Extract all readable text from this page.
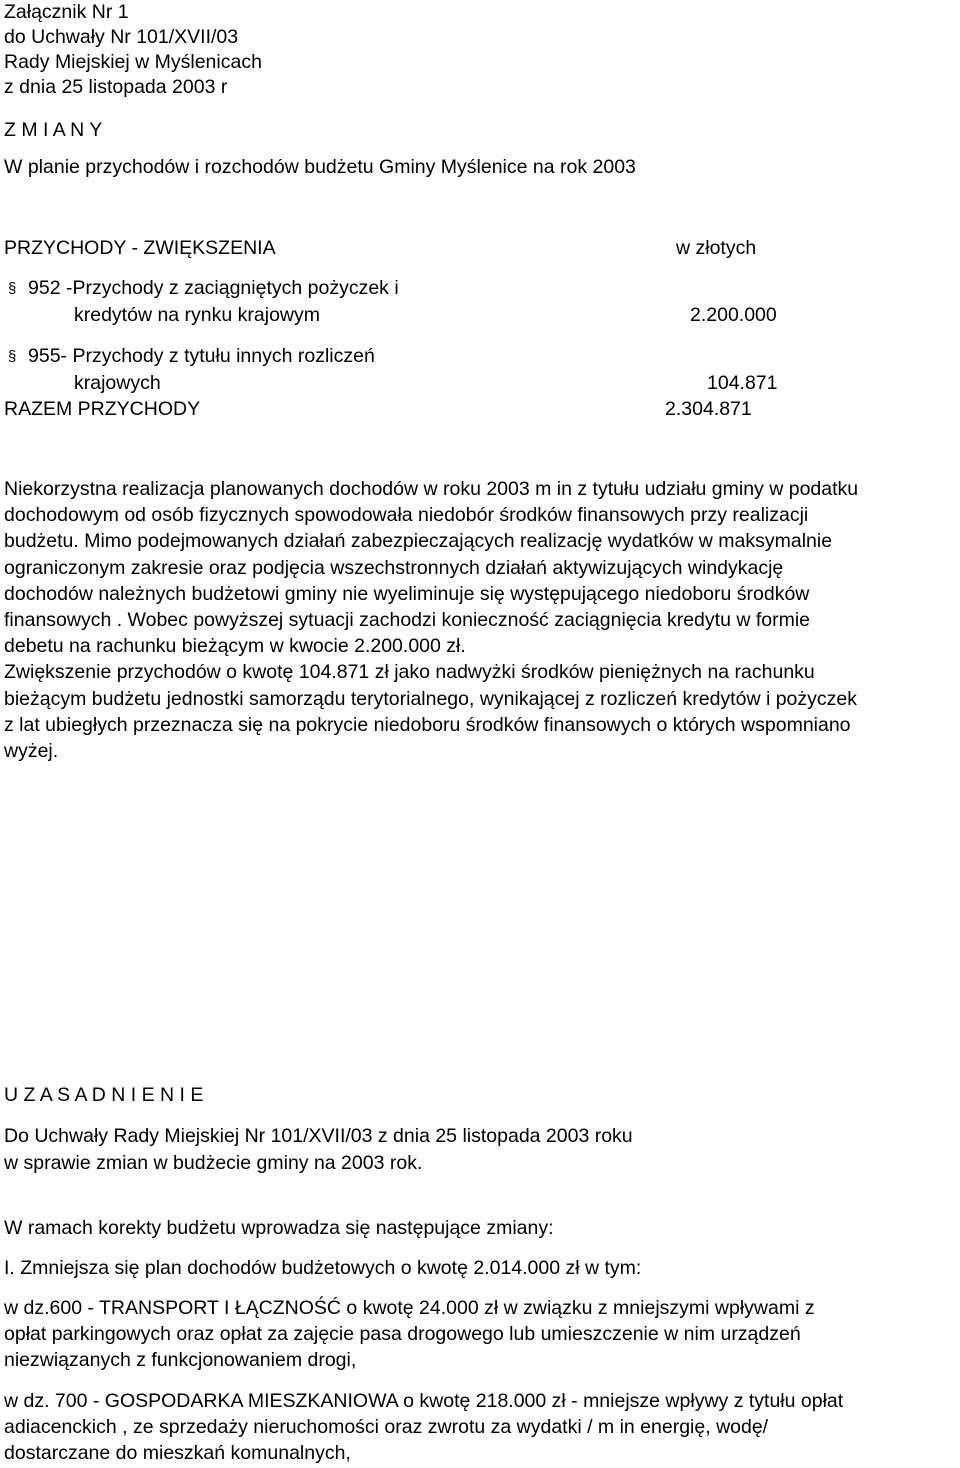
Załącznik Nr 1
do Uchwały Nr 101/XVII/03
Rady Miejskiej w Myślenicach
z dnia 25 listopada 2003 r
Z M I A N Y
W planie przychodów i rozchodów budżetu Gminy Myślenice na rok 2003
PRZYCHODY - ZWIĘKSZENIA	w złotych
§ 952 -Przychody z zaciągniętych pożyczek i
kredytów na rynku krajowym	2.200.000
§ 955- Przychody z tytułu innych rozliczeń
krajowych	104.871
RAZEM PRZYCHODY	2.304.871
Niekorzystna realizacja planowanych dochodów w roku 2003 m in z tytułu udziału gminy w podatku
dochodowym od osób fizycznych spowodowała niedobór środków finansowych przy realizacji
budżetu. Mimo podejmowanych działań zabezpieczających realizację wydatków w maksymalnie
ograniczonym zakresie oraz podjęcia wszechstronnych działań aktywizujących windykację
dochodów należnych budżetowi gminy nie wyeliminuje się występującego niedoboru środków
finansowych . Wobec powyższej sytuacji zachodzi konieczność zaciągnięcia kredytu w formie
debetu na rachunku bieżącym w kwocie 2.200.000 zł.
Zwiększenie przychodów o kwotę 104.871 zł jako nadwyżki środków pieniężnych na rachunku
bieżącym budżetu jednostki samorządu terytorialnego, wynikającej z rozliczeń kredytów i pożyczek
z lat ubiegłych przeznacza się na pokrycie niedoboru środków finansowych o których wspomniano
wyżej.
U Z A S A D N I E N I E
Do Uchwały Rady Miejskiej Nr 101/XVII/03 z dnia 25 listopada 2003 roku
w sprawie zmian w budżecie gminy na 2003 rok.
W ramach korekty budżetu wprowadza się następujące zmiany:
I. Zmniejsza się plan dochodów budżetowych o kwotę 2.014.000 zł w tym:
w dz.600 - TRANSPORT I ŁĄCZNOŚĆ o kwotę 24.000 zł w związku z mniejszymi wpływami z
opłat parkingowych oraz opłat za zajęcie pasa drogowego lub umieszczenie w nim urządzeń
niezwiązanych z funkcjonowaniem drogi,
w dz. 700 - GOSPODARKA MIESZKANIOWA o kwotę 218.000 zł - mniejsze wpływy z tytułu opłat
adiacenckich , ze sprzedaży nieruchomości oraz zwrotu za wydatki / m in energię, wodę/
dostarczane do mieszkań komunalnych,
